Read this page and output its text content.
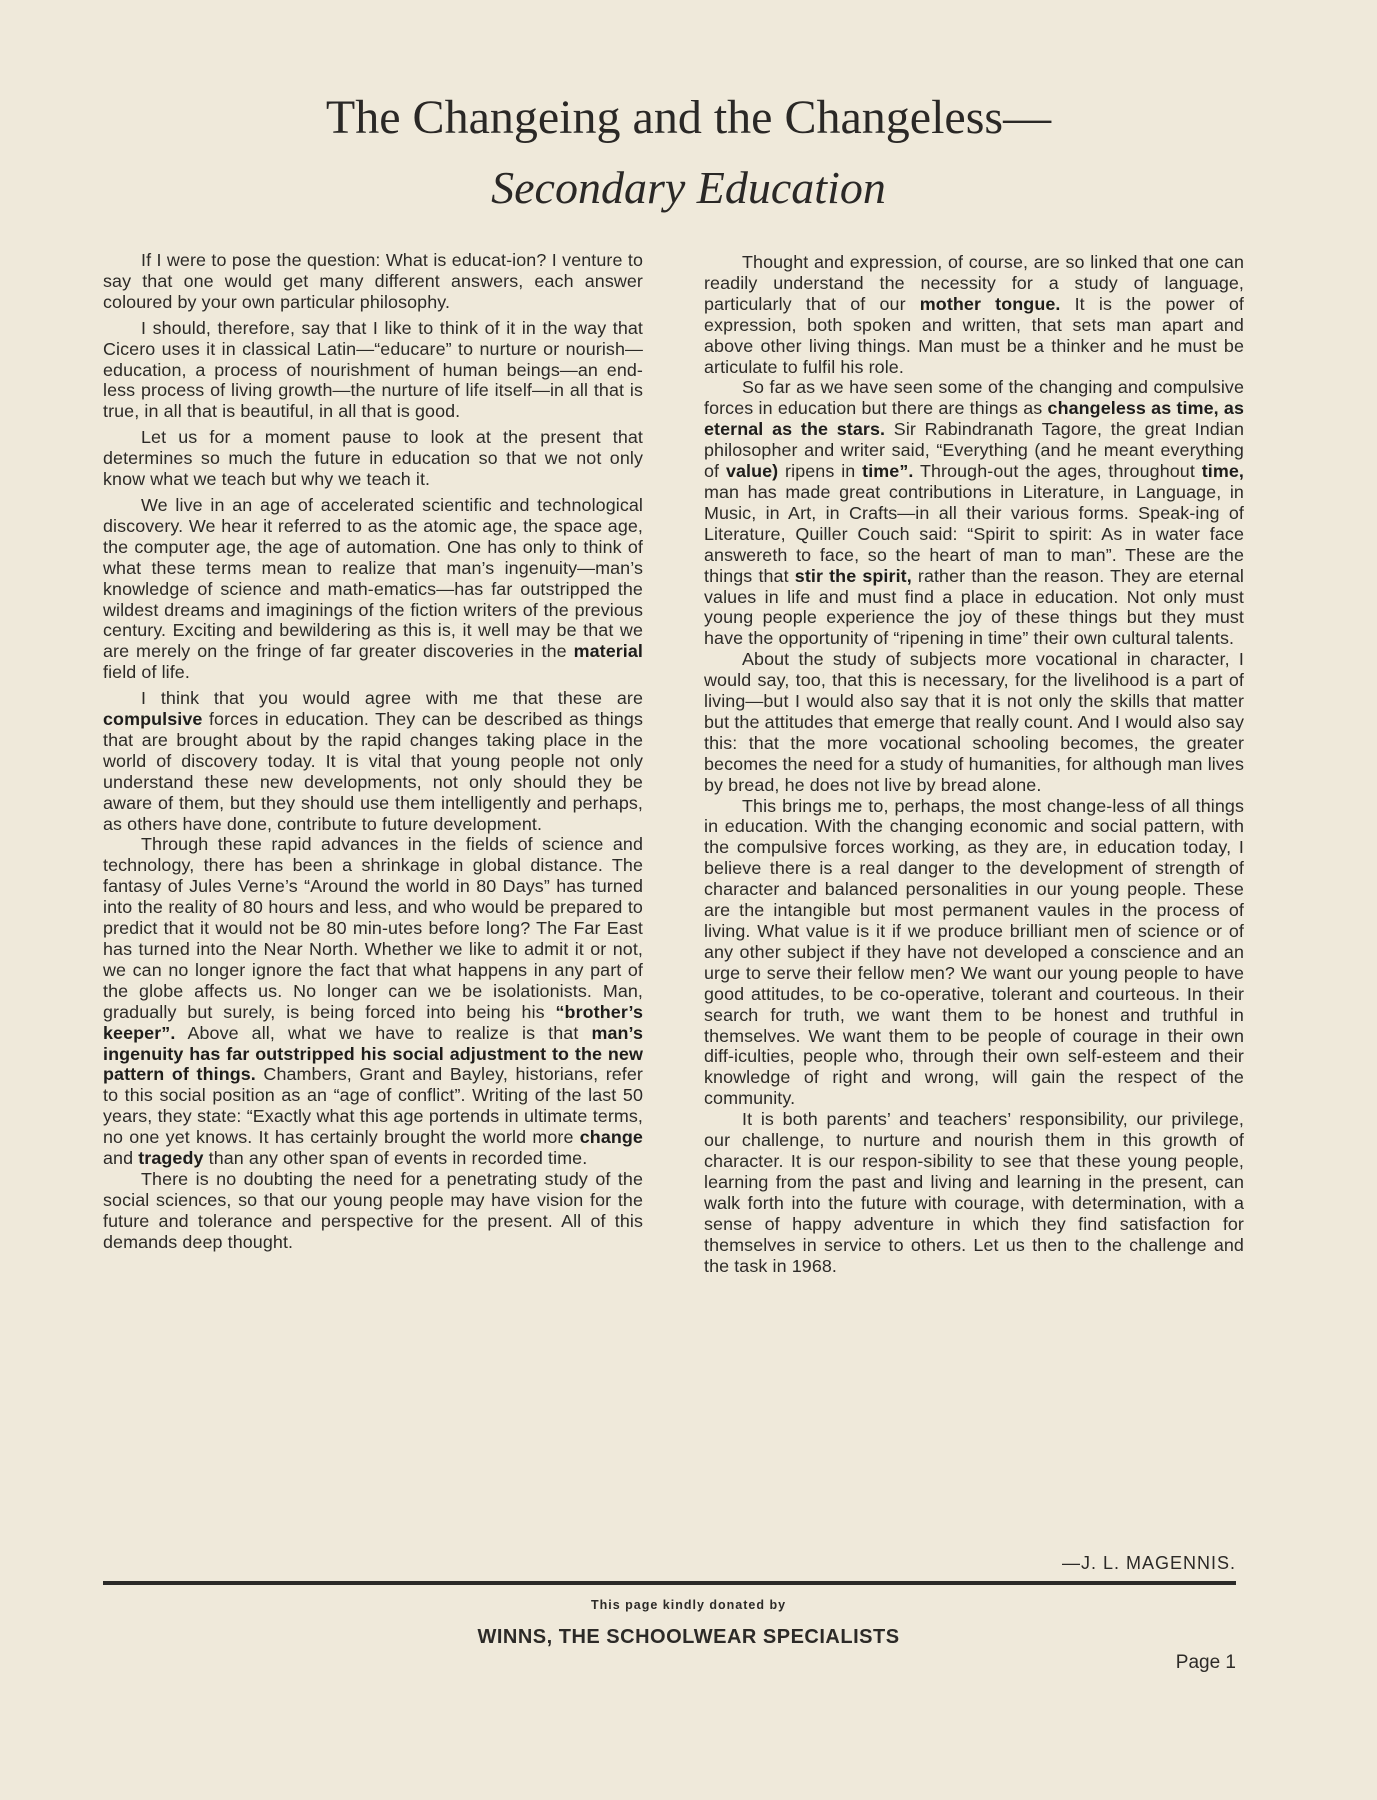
The Changeing and the Changeless—
Secondary Education

If I were to pose the question: What is educat-ion? I venture to say that one would get many different answers, each answer coloured by your own particular philosophy.

I should, therefore, say that I like to think of it in the way that Cicero uses it in classical Latin—“educare” to nurture or nourish—education, a process of nourishment of human beings—an end-less process of living growth—the nurture of life itself—in all that is true, in all that is beautiful, in all that is good.

Let us for a moment pause to look at the present that determines so much the future in education so that we not only know what we teach but why we teach it.

We live in an age of accelerated scientific and technological discovery. We hear it referred to as the atomic age, the space age, the computer age, the age of automation. One has only to think of what these terms mean to realize that man’s ingenuity—man’s knowledge of science and math-ematics—has far outstripped the wildest dreams and imaginings of the fiction writers of the previous century. Exciting and bewildering as this is, it well may be that we are merely on the fringe of far greater discoveries in the material field of life.

I think that you would agree with me that these are compulsive forces in education. They can be described as things that are brought about by the rapid changes taking place in the world of discovery today. It is vital that young people not only understand these new developments, not only should they be aware of them, but they should use them intelligently and perhaps, as others have done, contribute to future development.

Through these rapid advances in the fields of science and technology, there has been a shrinkage in global distance. The fantasy of Jules Verne’s “Around the world in 80 Days” has turned into the reality of 80 hours and less, and who would be prepared to predict that it would not be 80 min-utes before long? The Far East has turned into the Near North. Whether we like to admit it or not, we can no longer ignore the fact that what happens in any part of the globe affects us. No longer can we be isolationists. Man, gradually but surely, is being forced into being his “brother’s keeper”. Above all, what we have to realize is that man’s ingenuity has far outstripped his social adjustment to the new pattern of things. Chambers, Grant and Bayley, historians, refer to this social position as an “age of conflict”. Writing of the last 50 years, they state: “Exactly what this age portends in ultimate terms, no one yet knows. It has certainly brought the world more change and tragedy than any other span of events in recorded time.

There is no doubting the need for a penetrating study of the social sciences, so that our young people may have vision for the future and tolerance and perspective for the present. All of this demands deep thought.

Thought and expression, of course, are so linked that one can readily understand the necessity for a study of language, particularly that of our mother tongue. It is the power of expression, both spoken and written, that sets man apart and above other living things. Man must be a thinker and he must be articulate to fulfil his role.

So far as we have seen some of the changing and compulsive forces in education but there are things as changeless as time, as eternal as the stars. Sir Rabindranath Tagore, the great Indian philosopher and writer said, “Everything (and he meant everything of value) ripens in time”. Through-out the ages, throughout time, man has made great contributions in Literature, in Language, in Music, in Art, in Crafts—in all their various forms. Speak-ing of Literature, Quiller Couch said: “Spirit to spirit: As in water face answereth to face, so the heart of man to man”. These are the things that stir the spirit, rather than the reason. They are eternal values in life and must find a place in education. Not only must young people experience the joy of these things but they must have the opportunity of “ripening in time” their own cultural talents.

About the study of subjects more vocational in character, I would say, too, that this is necessary, for the livelihood is a part of living—but I would also say that it is not only the skills that matter but the attitudes that emerge that really count. And I would also say this: that the more vocational schooling becomes, the greater becomes the need for a study of humanities, for although man lives by bread, he does not live by bread alone.

This brings me to, perhaps, the most change-less of all things in education. With the changing economic and social pattern, with the compulsive forces working, as they are, in education today, I believe there is a real danger to the development of strength of character and balanced personalities in our young people. These are the intangible but most permanent vaules in the process of living. What value is it if we produce brilliant men of science or of any other subject if they have not developed a conscience and an urge to serve their fellow men? We want our young people to have good attitudes, to be co-operative, tolerant and courteous. In their search for truth, we want them to be honest and truthful in themselves. We want them to be people of courage in their own diff-iculties, people who, through their own self-esteem and their knowledge of right and wrong, will gain the respect of the community.

It is both parents’ and teachers’ responsibility, our privilege, our challenge, to nurture and nourish them in this growth of character. It is our respon-sibility to see that these young people, learning from the past and living and learning in the present, can walk forth into the future with courage, with determination, with a sense of happy adventure in which they find satisfaction for themselves in service to others. Let us then to the challenge and the task in 1968.

—J. L. MAGENNIS.
This page kindly donated by
WINNS, THE SCHOOLWEAR SPECIALISTS
Page 1
